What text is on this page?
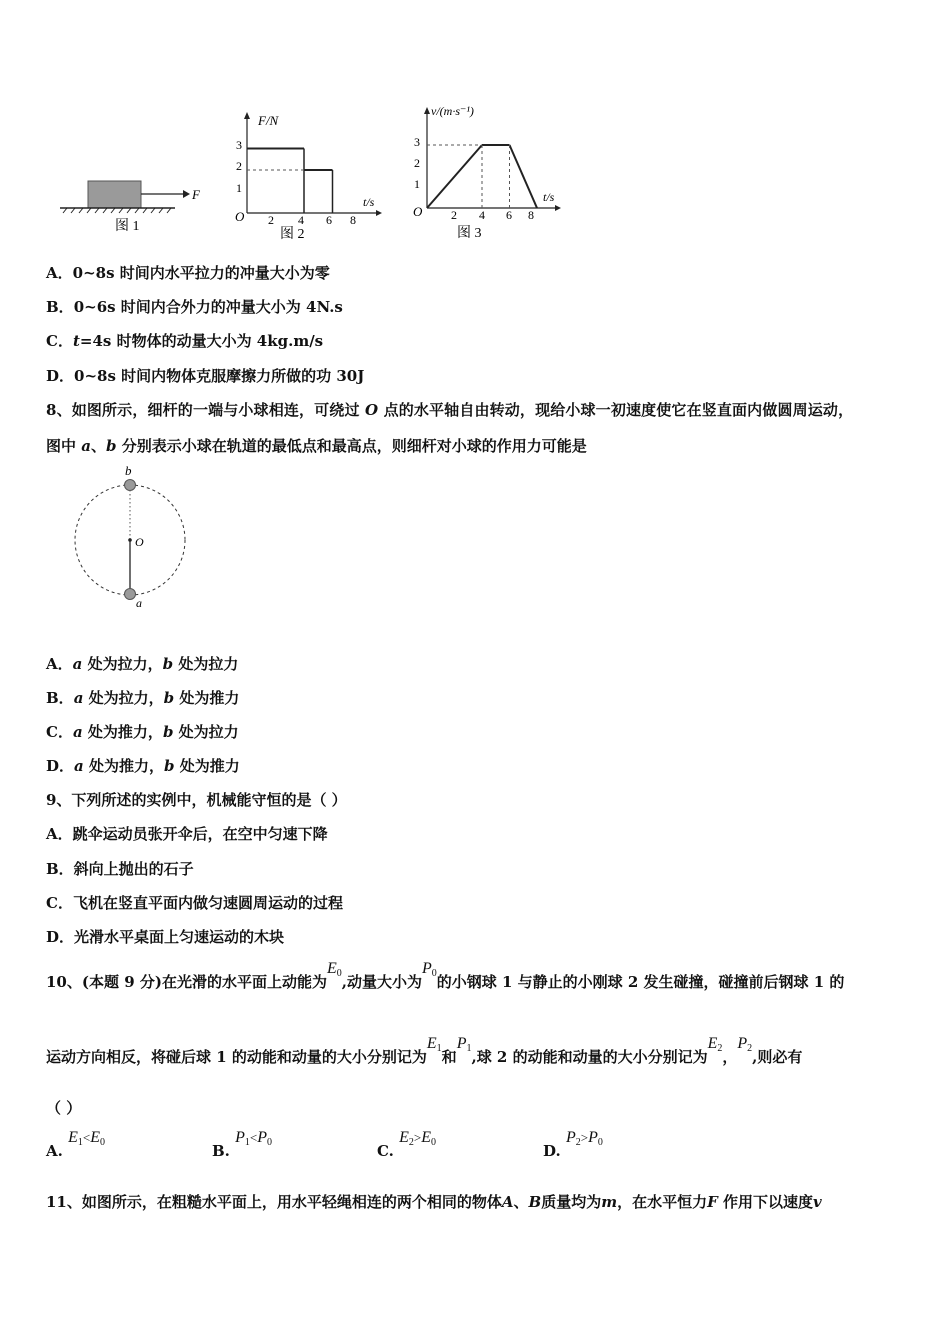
F
图 1
F/N
t/s
O
3
2
1
2 4 6 8
图 2
v/(m·s⁻¹)
t/s
O
3
2
1
2 4 6 8
图 3
A．0~8s 时间内水平拉力的冲量大小为零
B．0~6s 时间内合外力的冲量大小为 4N.s
C．t=4s 时物体的动量大小为 4kg.m/s
D．0~8s 时间内物体克服摩擦力所做的功 30J
8、如图所示，细杆的一端与小球相连，可绕过 O 点的水平轴自由转动，现给小球一初速度使它在竖直面内做圆周运动，
图中 a、b 分别表示小球在轨道的最低点和最高点，则细杆对小球的作用力可能是
b
O
a
A．a 处为拉力，b 处为拉力
B．a 处为拉力，b 处为推力
C．a 处为推力，b 处为拉力
D．a 处为推力，b 处为推力
9、下列所述的实例中，机械能守恒的是（ ）
A．跳伞运动员张开伞后，在空中匀速下降
B．斜向上抛出的石子
C．飞机在竖直平面内做匀速圆周运动的过程
D．光滑水平桌面上匀速运动的木块
10、(本题 9 分)在光滑的水平面上动能为$E_0$,动量大小为$P_0$的小钢球 1 与静止的小刚球 2 发生碰撞，碰撞前后钢球 1 的
运动方向相反，将碰后球 1 的动能和动量的大小分别记为$E_1$和$P_1$,球 2 的动能和动量的大小分别记为$E_2$，$P_2$,则必有
（ ）
A. $E_1<E_0$	B. $P_1<P_0$	C. $E_2>E_0$	D. $P_2>P_0$
11、如图所示，在粗糙水平面上，用水平轻绳相连的两个相同的物体A、B质量均为m，在水平恒力F 作用下以速度v
